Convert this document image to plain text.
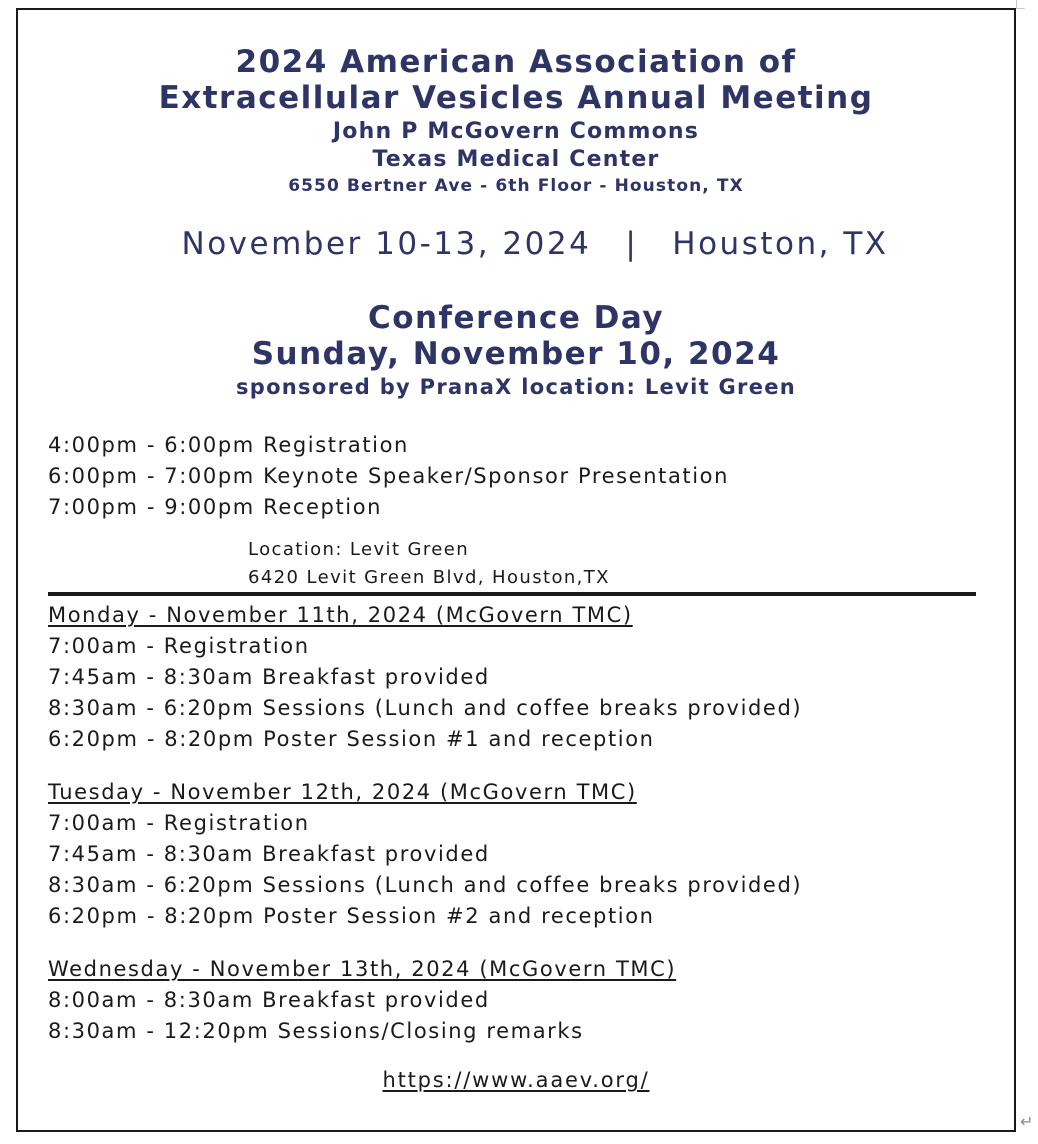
2024 American Association of
Extracellular Vesicles Annual Meeting
John P McGovern Commons
Texas Medical Center
6550 Bertner Ave - 6th Floor - Houston, TX
November 10-13, 2024 | Houston, TX
Conference Day
Sunday, November 10, 2024
sponsored by PranaX location: Levit Green
4:00pm - 6:00pm Registration
6:00pm - 7:00pm Keynote Speaker/Sponsor Presentation
7:00pm - 9:00pm Reception
Location: Levit Green
6420 Levit Green Blvd, Houston,TX
Monday - November 11th, 2024 (McGovern TMC)
7:00am - Registration
7:45am - 8:30am Breakfast provided
8:30am - 6:20pm Sessions (Lunch and coffee breaks provided)
6:20pm - 8:20pm Poster Session #1 and reception
Tuesday - November 12th, 2024 (McGovern TMC)
7:00am - Registration
7:45am - 8:30am Breakfast provided
8:30am - 6:20pm Sessions (Lunch and coffee breaks provided)
6:20pm - 8:20pm Poster Session #2 and reception
Wednesday - November 13th, 2024 (McGovern TMC)
8:00am - 8:30am Breakfast provided
8:30am - 12:20pm Sessions/Closing remarks
https://www.aaev.org/
↵
